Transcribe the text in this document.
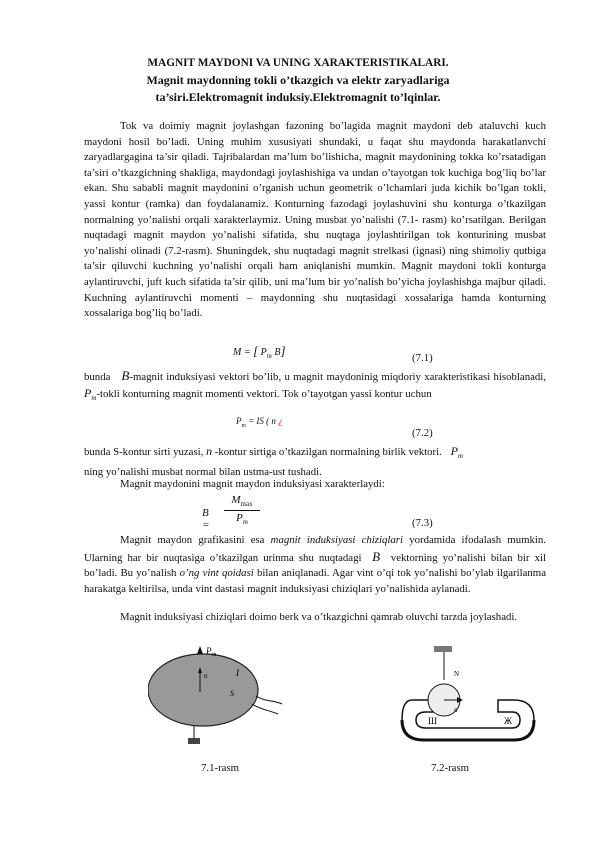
MAGNIT MAYDONI VA UNING XARAKTERISTIKALARI.
Magnit maydonning tokli o’tkazgich va elektr zaryadlariga
ta’siri.Elektromagnit induksiy.Elektromagnit to’lqinlar.

Tok va doimiy magnit joylashgan fazoning bo’lagida magnit maydoni deb ataluvchi kuch maydoni hosil bo’ladi. Uning muhim xususiyati shundaki, u faqat shu maydonda harakatlanvchi zaryadlargagina ta’sir qiladi. Tajribalardan ma’lum bo’lishicha, magnit maydonining tokka ko’rsatadigan ta’siri o’tkazgichning shakliga, maydondagi joylashishiga va undan o’tayotgan tok kuchiga bog’liq bo’lar ekan. Shu sababli magnit maydonini o’rganish uchun geometrik o’lchamlari juda kichik bo’lgan tokli, yassi kontur (ramka) dan foydalanamiz. Konturning fazodagi joylashuvini shu konturga o’tkazilgan normalning yo’nalishi orqali xarakterlaymiz. Uning musbat yo’nalishi (7.1- rasm) ko’rsatilgan. Berilgan nuqtadagi magnit maydon yo’nalishi sifatida, shu nuqtaga joylashtirilgan tok konturining musbat yo’nalishi olinadi (7.2-rasm). Shuningdek, shu nuqtadagi magnit strelkasi (ignasi) ning shimoliy qutbiga ta’sir qiluvchi kuchning yo’nalishi orqali ham aniqlanishi mumkin. Magnit maydoni tokli konturga aylantiruvchi, juft kuch sifatida ta’sir qilib, uni ma’lum bir yo’nalish bo’yicha joylashishga majbur qiladi. Kuchning aylantiruvchi momenti – maydonning shu nuqtasidagi xossalariga hamda konturning xossalariga bog’liq bo’ladi.

M = [ $P_m$ B]	(7.1)
bunda   B-magnit induksiyasi vektori bo’lib, u magnit maydoninig miqdoriy xarakteristikasi hisoblanadi, $P_m$-tokli konturning magnit momenti vektori. Tok o’tayotgan yassi kontur uchun
$P_m$ = IS ( n ¿
(7.2)
bunda S-kontur sirti yuzasi, n -kontur sirtiga o’tkazilgan normalning birlik vektori.   $P_m$
ning yo’nalishi musbat normal bilan ustma-ust tushadi.
Magnit maydonini magnit maydon induksiyasi xarakterlaydi:
B =
$M_{max}$
$P_m$	(7.3)
Magnit maydon grafikasini esa magnit induksiyasi chiziqlari yordamida ifodalash mumkin. Ularning har bir nuqtasiga o’tkazilgan urinma shu nuqtadagi  B  vektorning yo’nalishi bilan bir xil bo’ladi. Bu yo’nalish o’ng vint qoidasi bilan aniqlanadi. Agar vint o’qi tok yo’nalishi bo’ylab ilgarilanma harakatga keltirilsa, unda vint dastasi magnit induksiyasi chiziqlari yo’nalishida aylanadi.
Magnit induksiyasi chiziqlari doimo berk va o’tkazgichni qamrab oluvchi tarzda joylashadi.
P m
n	I
S
7.1-rasm
n
Ш	Ж
N
7.2-rasm
